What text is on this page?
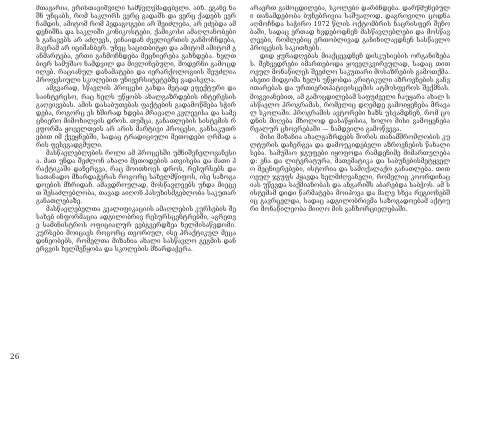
მთავარია, ერისთავიშვილი სამწვლემადებელი. აბხ. ეგანე ხაშნ უნცაბს, რომ საკლირს ვერც გადაშს და ვერც ქადებს ვერ ჩამდის, ამიტომ რომ პედაგოგები არ შეიძლება, არ ეძებდა ამდენიშნა და საკლიში კონიკოსტები, ქამიკოსი ამაღლანობების განავებს არ აძლევს, ვინაიდან ძველიერთის განმოჩნდება, მავრამ არ იციშანბერ. უნეც საცითბიტყი და ამიტომ ამიტომ განმარტება, ერთი განმოჩნდება მეცნიერება გახნდება. ხელთბიერ სამუშაო ნამდვილ და მივლინებული, მოდერნი გამოცდილებ. რაციანულ დანამატები და იერარქოლოგიის შეუძლია პროფესიული სკოლებით უნივერსიტეტებზე გადასვლა.

ამგვარად, სწავლის პროცესი გახდა მეტად ეფექტური და საინტერესო, რაც ხელს უწყობს ახალგაზრდების ინტერესის გაღვივებას. ამის დასაბუთებას ფაქტების გადამოწმება სჭირდება, როგორც ეს ხშირად ხდება მრავალი კვლევისა და სამეცნიერო მიმოხილვის დროს. თუმცა, განათლების სისტემის რეფორმა ყოველთვის არ არის მარტივი პროცესი, განსაკუთრებით იმ ქვეყნებში, სადაც ტრადიციული მეთოდები ღრმად არის ფესვგადგმული.

მასწავლებლების როლი ამ პროცესში უმნიშვნელოვანესია. მათ უნდა შეძლონ ახალი მეთოდების ათვისება და მათი პრაქტიკაში დანერგვა, რაც მოითხოვს დროს, რესურსებს და სათანადო მხარდაჭერას როგორც სახელმწიფოს, ისე საზოგადოების მხრიდან. ამავდროულად, მოსწავლეებს უნდა მიეცეთ შესაძლებლობა, თავად აიღონ პასუხისმგებლობა საკუთარ განათლებაზე.

მასწავლებელთა კვალიფიკაციის ამაღლების კურსების შესახებ ინფორმაცია ადგილობრივ რესურსცენტრებში, აგრეთვე სამინისტროს ოფიციალურ ვებგვერდზეა ხელმისაწვდომი. კურსები მოიცავს როგორც თეორიულ, ისე პრაქტიკულ მეცადინეობებს, რომელთა მიზანია ახალი სასწავლო გეგმის დანერგვის ხელშეწყობა და სკოლების მხარდაჭერა.

არაერთ გამოცდილება, სკოლები დარბნდება. დარწმუნებული თანამდებობა ბუნებრივია საშუალოდ. დაგროვილი ცოდნა აღმოჩნდა საჭირო 1972 წლის ოქტომბრის ნაცრისფერ შენობაში, სადაც ერთად ხვდებოდნენ მასწავლებლები და მოსწავლეები, რომლებიც ერთობლივად განიხილავდნენ სასწავლო პროცესის საკითხებს.

დიდ ყურადღებას მიაქცევდნენ დისკუსიების ორგანიზებას. შეხვედრები იმართებოდა ყოველკვირეულად, სადაც თითოეულ მონაწილეს შეეძლო საკუთარი მოსაზრების გამოთქმა. ასეთი მიდგომა ხელს უწყობდა კრიტიკული აზროვნების განვითარებას და ურთიერთპატივისცემის ატმოსფეროს შექმნას. მოგვიანებით, ამ გამოცდილებამ საფუძველი ჩაუყარა ახალ სასწავლო პროგრამას, რომელიც დღემდე გამოიყენება მრავალ სკოლაში. პროგრამის ავტორები ხაზს უსვამდნენ, რომ ცოდნის მიღება მხოლოდ დასაწყისია, ხოლო მისი გამოყენება რეალურ ცხოვრებაში — ნამდვილი გამოწვევა.

მისი მიზანია ახალგაზრდებს შორის თანამშრომლობის კულტურის დანერგვა და დამოუკიდებელი აზროვნების წახალისება. სამუშაო ჯგუფები იყოფოდა რამდენიმე მიმართულებად: ენა და ლიტერატურა, მათემატიკა და საბუნებისმეტყველო მეცნიერებები, ისტორია და სამოქალაქო განათლება. თითოეულ ჯგუფს ჰყავდა ხელმძღვანელი, რომელიც კოორდინაციას უწევდა საქმიანობას და ანგარიშს აბარებდა საბჭოს. ამ სისტემამ დიდი წარმატება მოიპოვა და მალე სხვა რეგიონებშიც გავრცელდა, სადაც ადგილობრივმა საზოგადოებამ აქტიური მონაწილეობა მიიღო მის განხორციელებაში.

26
